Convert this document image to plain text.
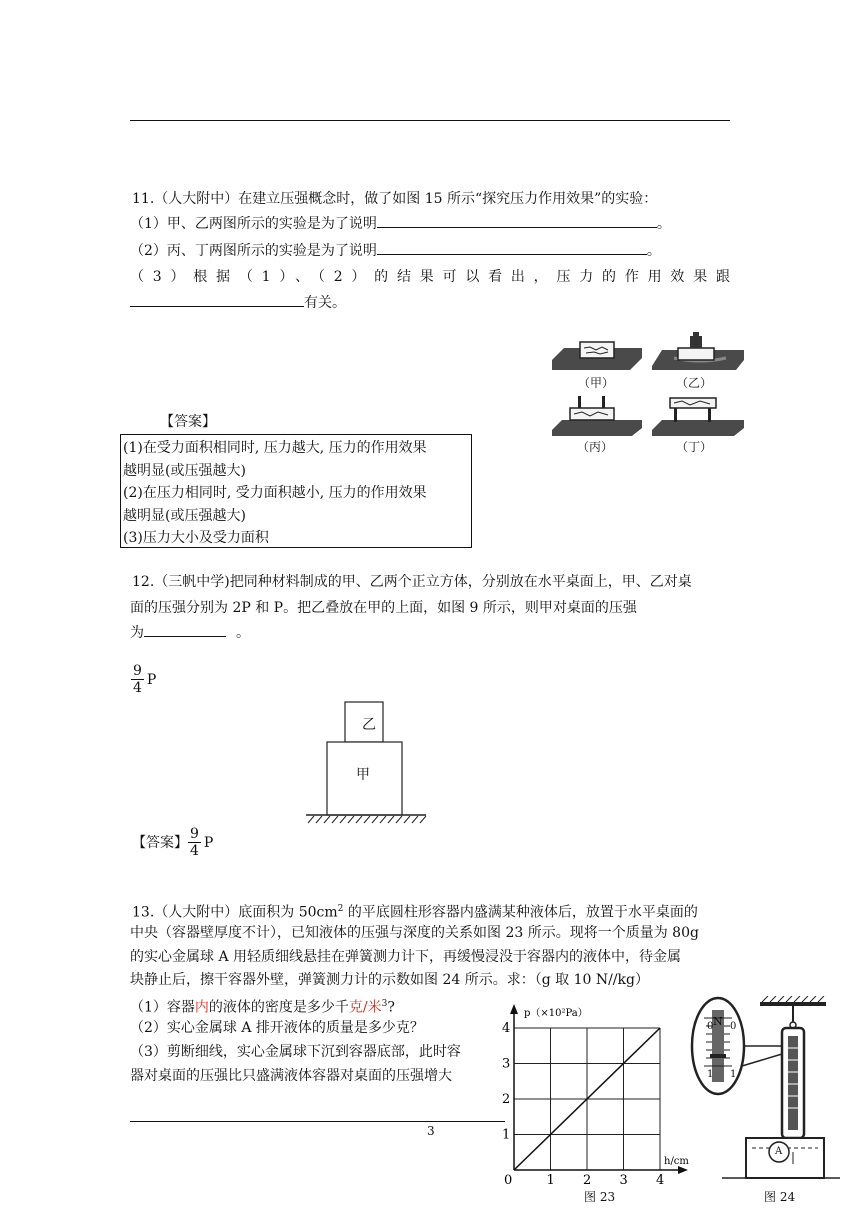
11.（人大附中）在建立压强概念时，做了如图 15 所示“探究压力作用效果”的实验：
（1）甲、乙两图所示的实验是为了说明	。
（2）丙、丁两图所示的实验是为了说明	。
（3）根据（1）、（2）的结果可以看出，压力的作用效果跟
有关。
（甲）	（乙）
（丙）	（丁）
【答案】
(1)在受力面积相同时, 压力越大, 压力的作用效果
越明显(或压强越大)
(2)在压力相同时, 受力面积越小, 压力的作用效果
越明显(或压强越大)
(3)压力大小及受力面积
12.（三帆中学)把同种材料制成的甲、乙两个正立方体，分别放在水平桌面上，甲、乙对桌
面的压强分别为 2P 和 P。把乙叠放在甲的上面，如图 9 所示，则甲对桌面的压强
为	。
$\frac{9}{4}$ P
乙
甲
【答案】 $\frac{9}{4}$ P
13.（人大附中）底面积为 $50cm^2$ 的平底圆柱形容器内盛满某种液体后，放置于水平桌面的
中央（容器壁厚度不计），已知液体的压强与深度的关系如图 23 所示。现将一个质量为 80g
的实心金属球 A 用轻质细线悬挂在弹簧测力计下，再缓慢浸没于容器内的液体中，待金属
块静止后，擦干容器外壁，弹簧测力计的示数如图 24 所示。求：（g 取 10 N//kg）
（1）容器内的液体的密度是多少千克/米$^3$?
（2）实心金属球 A 排开液体的质量是多少克？
（3）剪断细线，实心金属球下沉到容器底部，此时容
器对桌面的压强比只盛满液体容器对桌面的压强增大
3
0	1 2 3 4
1
2
3
4
p（×10²Pa）
h/cm
图 23
N
0 0
1 1
A
图 24
